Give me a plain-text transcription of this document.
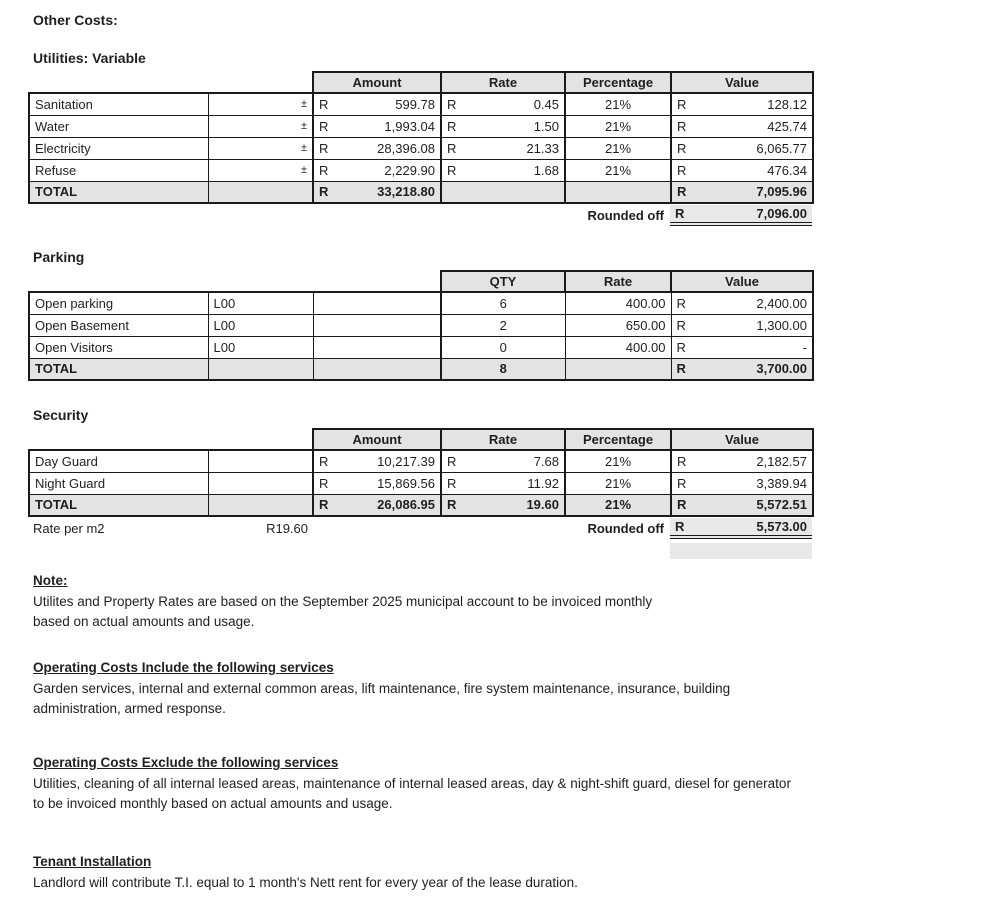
Other Costs:
Utilities: Variable
		Amount	Rate	Percentage	Value

Sanitation	±	R 599.78	R 0.45	21%	R 128.12

Water	±	R 1,993.04	R 1.50	21%	R 425.74

Electricity	±	R 28,396.08	R 21.33	21%	R 6,065.77

Refuse	±	R 2,229.90	R 1.68	21%	R 476.34

TOTAL		R 33,218.80			R 7,095.96
Rounded off R	7,096.00
Parking
			QTY	Rate	Value

Open parking	L00		6	400.00	R 2,400.00

Open Basement	L00		2	650.00	R 1,300.00

Open Visitors	L00		0	400.00	R -

TOTAL			8		R 3,700.00
Security
		Amount	Rate	Percentage	Value

Day Guard		R 10,217.39	R 7.68	21%	R 2,182.57

Night Guard		R 15,869.56	R 11.92	21%	R 3,389.94

TOTAL		R 26,086.95	R 19.60	21%	R 5,572.51
Rate per m2	R19.60	Rounded off R	5,573.00
Note:
Utilites and Property Rates are based on the September 2025 municipal account to be invoiced monthly
based on actual amounts and usage.
Operating Costs Include the following services
Garden services, internal and external common areas, lift maintenance, fire system maintenance, insurance, building
administration, armed response.
Operating Costs Exclude the following services
Utilities, cleaning of all internal leased areas, maintenance of internal leased areas, day & night-shift guard, diesel for generator
to be invoiced monthly based on actual amounts and usage.
Tenant Installation
Landlord will contribute T.I. equal to 1 month's Nett rent for every year of the lease duration.
